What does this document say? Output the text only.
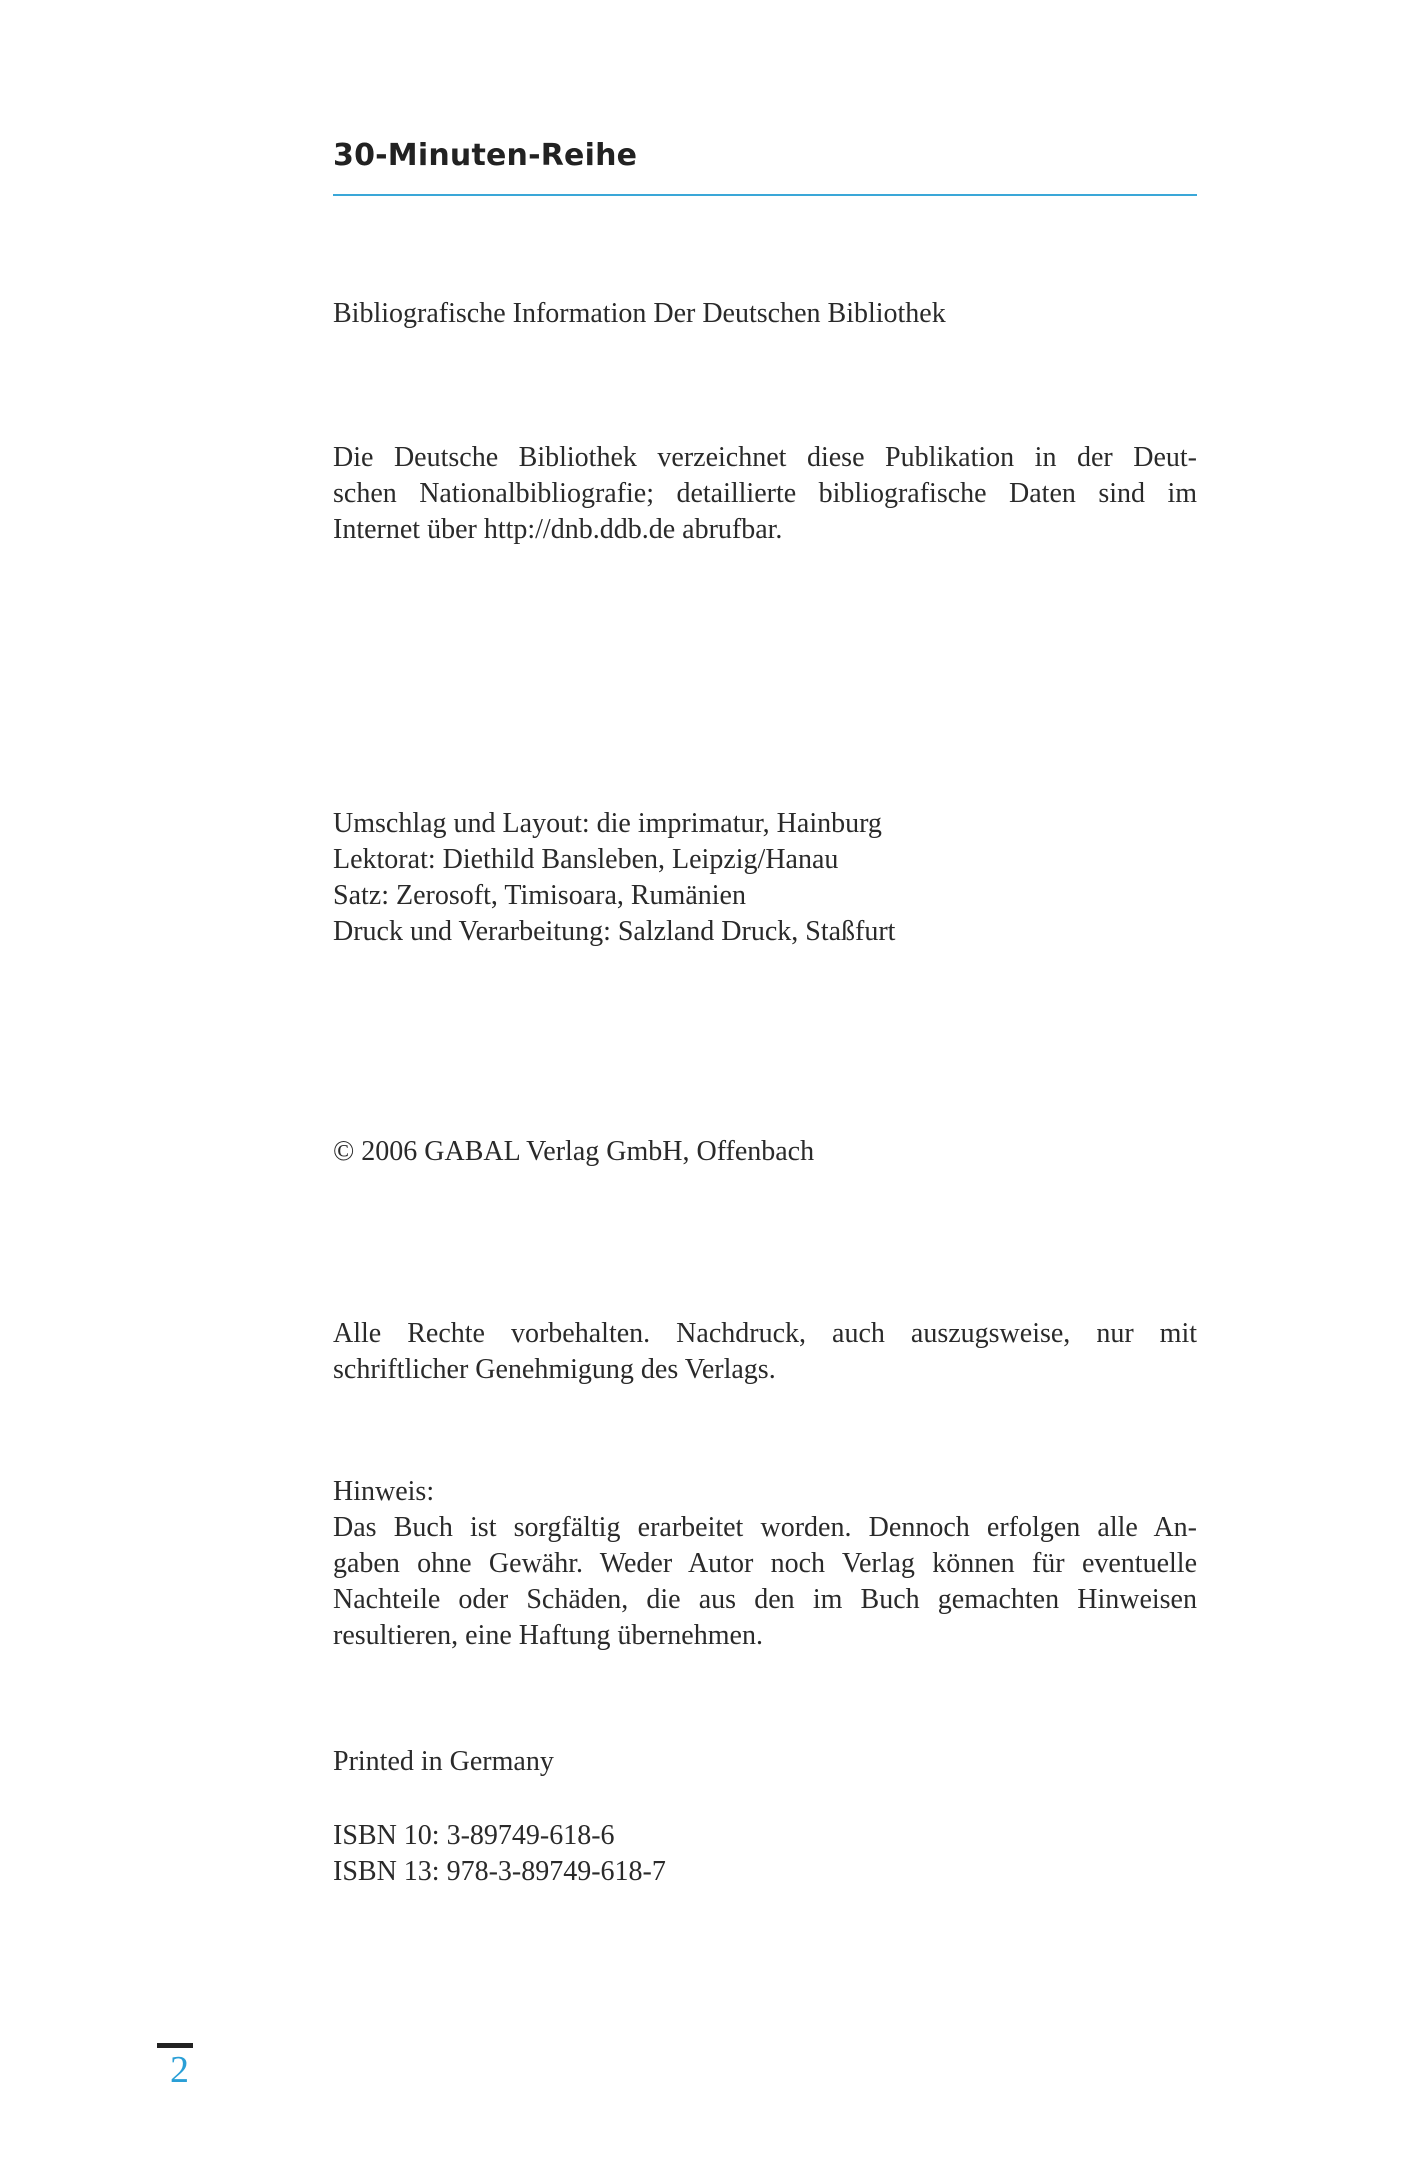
30-Minuten-Reihe

Bibliografische Information Der Deutschen Bibliothek

Die Deutsche Bibliothek verzeichnet diese Publikation in der Deut-
schen Nationalbibliografie; detaillierte bibliografische Daten sind im
Internet über http://dnb.ddb.de abrufbar.

Umschlag und Layout: die imprimatur, Hainburg

Lektorat: Diethild Bansleben, Leipzig/Hanau

Satz: Zerosoft, Timisoara, Rumänien

Druck und Verarbeitung: Salzland Druck, Staßfurt

© 2006 GABAL Verlag GmbH, Offenbach

Alle Rechte vorbehalten. Nachdruck, auch auszugsweise, nur mit
schriftlicher Genehmigung des Verlags.
Hinweis:
Das Buch ist sorgfältig erarbeitet worden. Dennoch erfolgen alle An-
gaben ohne Gewähr. Weder Autor noch Verlag können für eventuelle
Nachteile oder Schäden, die aus den im Buch gemachten Hinweisen
resultieren, eine Haftung übernehmen.

Printed in Germany

ISBN 10: 3-89749-618-6

ISBN 13: 978-3-89749-618-7

2
